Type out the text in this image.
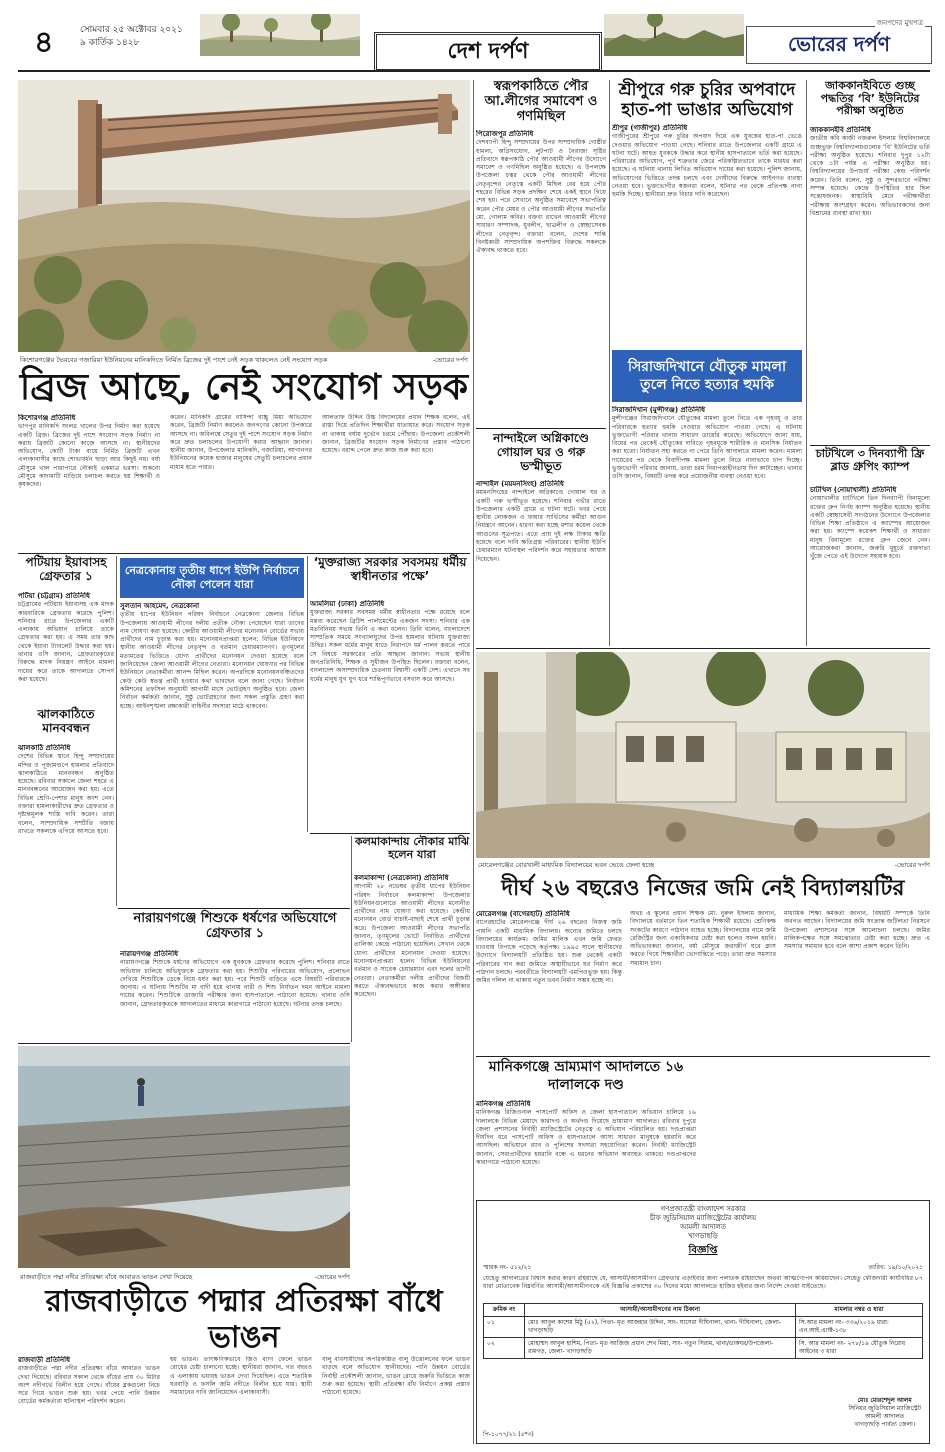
৪	সোমবার ২৫ অক্টোবর ২০২১
৯ কার্তিক ১৪২৮	দেশ দর্পণ
জনপদের মুখপত্র
ভোরের দর্পণ
কিশোরগঞ্জের ভৈরবের গজারিয়া ইউনিয়নের মানিকদিতে নির্মিত ব্রিজের দুই পাশে নেই সড়ক থাকলেও নেই সংযোগ সড়ক	-ভোরের দর্পণ
ব্রিজ আছে, নেই সংযোগ সড়ক
কিশোরগঞ্জ প্রতিনিধি
ভাগপুর মানিকদি সংলগ্ন খালের উপর নির্মাণ করা হয়েছে একটি ব্রিজ। ব্রিজের দুই পাশে সংযোগ সড়ক নির্মাণ না করায় ব্রিজটি কোনো কাজে আসছে না। স্থানীয়দের অভিযোগ, কোটি টাকা ব্যয়ে নির্মিত ব্রিজটি এখন এলাকাবাসীর কাছে শোভাবর্ধন ছাড়া আর কিছুই নয়। বর্ষা মৌসুমে খাল পারাপারে নৌকাই একমাত্র ভরসা। শুকনো মৌসুমে কাদামাটি মাড়িয়ে চলাচল করতে হয় শিক্ষার্থী ও কৃষকদের।
করেন। মানিকদি গ্রামের বাসিন্দা বাচ্চু মিয়া অভিযোগ করেন, ব্রিজটি নির্মাণ করলেও জনগণের কোনো উপকারে আসছে না। অবিলম্বে সেতুর দুই পাশে সংযোগ সড়ক নির্মাণ করে দ্রুত চলাচলের উপযোগী করার আহ্বান জানান। স্থানীয় জানান, উপজেলার মানিকদি, গজারিয়া, আগানগর ইউনিয়নের কয়েক হাজার মানুষের সেতুটি চলাচলের প্রধান মাধ্যম হতে পারত।
আলতাফ উদ্দিন উচ্চ বিদ্যালয়ের প্রধান শিক্ষক বলেন, এই রাস্তা দিয়ে প্রতিদিন শিক্ষার্থীরা যাতায়াত করে। সংযোগ সড়ক না থাকায় বর্ষায় দুর্ভোগ চরমে পৌঁছায়। উপজেলা প্রকৌশলী জানান, ব্রিজটির সংযোগ সড়ক নির্মাণের প্রস্তাব পাঠানো হয়েছে। বরাদ্দ পেলে দ্রুত কাজ শুরু করা হবে।
স্বরূপকাঠিতে পৌর আ.লীগের সমাবেশ ও গণমিছিল
পিরোজপুর প্রতিনিধি
দেশব্যাপী হিন্দু সম্প্রদায়ের উপর সাম্প্রদায়িক গোষ্ঠীর হামলা, অগ্নিসংযোগ, লুটপাট ও নৈরাজ্য সৃষ্টির প্রতিবাদে স্বরূপকাঠি পৌর আওয়ামী লীগের উদ্যোগে সমাবেশ ও গণমিছিল অনুষ্ঠিত হয়েছে। এ উপলক্ষে উপজেলা চত্বর থেকে পৌর আওয়ামী লীগের নেতৃবৃন্দের নেতৃত্বে একটি মিছিল বের হয়ে পৌর শহরের বিভিন্ন সড়ক প্রদক্ষিণ শেষে একই স্থানে গিয়ে শেষ হয়। পরে সেখানে অনুষ্ঠিত সমাবেশে সভাপতিত্ব করেন পৌর মেয়র ও পৌর আওয়ামী লীগের সভাপতি মো. গোলাম কবির। বক্তব্য রাখেন আওয়ামী লীগের সাধারণ সম্পাদক, যুবলীগ, ছাত্রলীগ ও স্বেচ্ছাসেবক লীগের নেতৃবৃন্দ। বক্তারা বলেন, দেশের শান্তি বিনষ্টকারী সাম্প্রদায়িক অপশক্তির বিরুদ্ধে সকলকে ঐক্যবদ্ধ থাকতে হবে।
নান্দাইলে অগ্নিকাণ্ডে গোয়াল ঘর ও গরু ভস্মীভূত
নান্দাইল (ময়মনসিংহ) প্রতিনিধি
ময়মনসিংহের নান্দাইলে অগ্নিকাণ্ডে গোয়াল ঘর ও একটি গরু ভস্মীভূত হয়েছে। শনিবার গভীর রাতে উপজেলার একটি গ্রামে এ ঘটনা ঘটে। খবর পেয়ে স্থানীয় লোকজন ও ফায়ার সার্ভিসের কর্মীরা আগুন নিয়ন্ত্রণে আনেন। ধারণা করা হচ্ছে মশার কয়েল থেকে আগুনের সূত্রপাত। এতে প্রায় দুই লক্ষ টাকার ক্ষতি হয়েছে বলে দাবি ক্ষতিগ্রস্ত পরিবারের। স্থানীয় ইউপি চেয়ারম্যান ঘটনাস্থল পরিদর্শন করে সহায়তার আশ্বাস দিয়েছেন।
শ্রীপুরে গরু চুরির অপবাদে হাত-পা ভাঙার অভিযোগ
শ্রীপুর (গাজীপুর) প্রতিনিধি
গাজীপুরের শ্রীপুরে গরু চুরির অপবাদ দিয়ে এক যুবকের হাত-পা ভেঙে দেওয়ার অভিযোগ পাওয়া গেছে। শনিবার রাতে উপজেলার একটি গ্রামে এ ঘটনা ঘটে। আহত যুবককে উদ্ধার করে স্থানীয় হাসপাতালে ভর্তি করা হয়েছে। পরিবারের অভিযোগ, পূর্ব শত্রুতার জেরে পরিকল্পিতভাবে তাকে মারধর করা হয়েছে। এ ঘটনায় থানায় লিখিত অভিযোগ দায়ের করা হয়েছে। পুলিশ জানায়, অভিযোগের ভিত্তিতে তদন্ত চলছে এবং দোষীদের বিরুদ্ধে আইনগত ব্যবস্থা নেওয়া হবে। ভুক্তভোগীর স্বজনরা বলেন, ঘটনার পর থেকে প্রতিপক্ষ নানা হুমকি দিচ্ছে। স্থানীয়রা দ্রুত বিচার দাবি করেছেন।
জাককানইবিতে গুচ্ছ পদ্ধতির ‘বি’ ইউনিটের পরীক্ষা অনুষ্ঠিত
জাককানইবি প্রতিনিধি
জাতীয় কবি কাজী নজরুল ইসলাম বিশ্ববিদ্যালয়ে গুচ্ছভুক্ত বিশ্ববিদ্যালয়গুলোর ‘বি’ ইউনিটের ভর্তি পরীক্ষা অনুষ্ঠিত হয়েছে। শনিবার দুপুর ১২টা থেকে ১টা পর্যন্ত এ পরীক্ষা অনুষ্ঠিত হয়। বিশ্ববিদ্যালয়ের উপাচার্য পরীক্ষা কেন্দ্র পরিদর্শন করেন। তিনি বলেন, সুষ্ঠু ও সুন্দরভাবে পরীক্ষা সম্পন্ন হয়েছে। কেন্দ্রে উপস্থিতির হার ছিল সন্তোষজনক। স্বাস্থ্যবিধি মেনে পরীক্ষার্থীরা পরীক্ষায় অংশগ্রহণ করেন। অভিভাবকদের জন্য বিশ্রামের ব্যবস্থা রাখা হয়।
চাটখিলে ৩ দিনব্যাপী ফ্রি ব্লাড গ্রুপিং ক্যাম্প
চাটখিল (নোয়াখালী) প্রতিনিধি
নোয়াখালীর চাটখিলে তিন দিনব্যাপী বিনামূল্যে রক্তের গ্রুপ নির্ণয় ক্যাম্প অনুষ্ঠিত হয়েছে। স্থানীয় একটি স্বেচ্ছাসেবী সংগঠনের উদ্যোগে উপজেলার বিভিন্ন শিক্ষা প্রতিষ্ঠানে এ ক্যাম্পের আয়োজন করা হয়। ক্যাম্পে কয়েকশ শিক্ষার্থী ও সাধারণ মানুষ বিনামূল্যে রক্তের গ্রুপ জেনে নেন। আয়োজকরা জানান, জরুরি মুহূর্তে রক্তদাতা খুঁজে পেতে এই উদ্যোগ সহায়ক হবে।
সিরাজদিখানে যৌতুক মামলা তুলে নিতে হত্যার হুমকি
সিরাজদিখান (মুন্সীগঞ্জ) প্রতিনিধি
মুন্সীগঞ্জের সিরাজদিখানে যৌতুকের মামলা তুলে নিতে এক গৃহবধূ ও তার পরিবারকে হত্যার হুমকি দেওয়ার অভিযোগ পাওয়া গেছে। এ ঘটনায় ভুক্তভোগী পরিবার থানায় সাধারণ ডায়েরি করেছে। অভিযোগে জানা যায়, বিয়ের পর থেকেই যৌতুকের দাবিতে গৃহবধূকে শারীরিক ও মানসিক নির্যাতন করা হতো। নির্যাতন সহ্য করতে না পেরে তিনি আদালতে মামলা করেন। মামলা দায়েরের পর থেকে বিবাদীপক্ষ মামলা তুলে নিতে নানাভাবে চাপ দিচ্ছে। ভুক্তভোগী পরিবার জানায়, তারা চরম নিরাপত্তাহীনতায় দিন কাটাচ্ছেন। থানার ওসি জানান, বিষয়টি তদন্ত করে প্রয়োজনীয় ব্যবস্থা নেওয়া হবে।
পটিয়ায় ইয়াবাসহ গ্রেফতার ১
পটিয়া (চট্টগ্রাম) প্রতিনিধি
চট্টগ্রামের পটিয়ায় ইয়াবাসহ এক মাদক কারবারিকে গ্রেফতার করেছে পুলিশ। শনিবার রাতে উপজেলার একটি এলাকায় অভিযান চালিয়ে তাকে গ্রেফতার করা হয়। এ সময় তার কাছ থেকে ইয়াবা ট্যাবলেট উদ্ধার করা হয়। থানার ওসি জানান, গ্রেফতারকৃতের বিরুদ্ধে মাদক নিয়ন্ত্রণ আইনে মামলা দায়ের করে তাকে আদালতে সোপর্দ করা হয়েছে।
ঝালকাঠিতে মানববন্ধন
ঝালকাঠি প্রতিনিধি
দেশের বিভিন্ন স্থানে হিন্দু সম্প্রদায়ের মন্দির ও পূজামণ্ডপে হামলার প্রতিবাদে ঝালকাঠিতে মানববন্ধন অনুষ্ঠিত হয়েছে। রবিবার সকালে জেলা শহরে এ মানববন্ধনের আয়োজন করা হয়। এতে বিভিন্ন শ্রেণি-পেশার মানুষ অংশ নেন। বক্তারা হামলাকারীদের দ্রুত গ্রেফতার ও দৃষ্টান্তমূলক শাস্তি দাবি করেন। তারা বলেন, সাম্প্রদায়িক সম্প্রীতি বজায় রাখতে সকলকে এগিয়ে আসতে হবে।
নেত্রকোনায় তৃতীয় ধাপে ইউপি নির্বাচনে নৌকা পেলেন যারা
সুলতান আহমেদ, নেত্রকোনা
তৃতীয় ধাপের ইউনিয়ন পরিষদ নির্বাচনে নেত্রকোনা জেলার বিভিন্ন উপজেলায় আওয়ামী লীগের দলীয় প্রতীক নৌকা পেয়েছেন যারা তাদের নাম ঘোষণা করা হয়েছে। কেন্দ্রীয় আওয়ামী লীগের মনোনয়ন বোর্ডের সভায় প্রার্থীদের নাম চূড়ান্ত করা হয়। মনোনয়নপ্রাপ্তরা হলেন: বিভিন্ন ইউনিয়নে স্থানীয় আওয়ামী লীগের নেতৃবৃন্দ ও বর্তমান চেয়ারম্যানগণ। তৃণমূলের মতামতের ভিত্তিতে যোগ্য প্রার্থীদের মনোনয়ন দেওয়া হয়েছে বলে জানিয়েছেন জেলা আওয়ামী লীগের নেতারা। মনোনয়ন ঘোষণার পর বিভিন্ন ইউনিয়নে নেতাকর্মীরা আনন্দ মিছিল করেন। অপরদিকে মনোনয়নবঞ্চিতদের কেউ কেউ স্বতন্ত্র প্রার্থী হওয়ার কথা ভাবছেন বলে জানা গেছে। নির্বাচন কমিশনের তফসিল অনুযায়ী আগামী মাসে ভোটগ্রহণ অনুষ্ঠিত হবে। জেলা নির্বাচন কর্মকর্তা জানান, সুষ্ঠু ভোটগ্রহণের জন্য সকল প্রস্তুতি গ্রহণ করা হচ্ছে। আইনশৃঙ্খলা রক্ষাকারী বাহিনীর সদস্যরা মাঠে থাকবেন।
‘মুক্তরাজ্য সরকার সবসময় ধর্মীয় স্বাধীনতার পক্ষে’
আমলিয়া (ঢাকা) প্রতিনিধি
যুক্তরাজ্য সরকার সবসময় ধর্মীয় স্বাধীনতার পক্ষে রয়েছে বলে মন্তব্য করেছেন ব্রিটিশ পার্লামেন্টের একজন সদস্য। শনিবার এক মতবিনিময় সভায় তিনি এ কথা বলেন। তিনি বলেন, বাংলাদেশে সাম্প্রতিক সময়ে সংখ্যালঘুদের উপর হামলার ঘটনায় যুক্তরাজ্য উদ্বিগ্ন। সকল ধর্মের মানুষ যাতে নিরাপদে ধর্ম পালন করতে পারে সে বিষয়ে সরকারের প্রতি আহ্বান জানান। সভায় স্থানীয় জনপ্রতিনিধি, শিক্ষক ও সুধীজন উপস্থিত ছিলেন। বক্তারা বলেন, বাংলাদেশ অসাম্প্রদায়িক চেতনায় বিশ্বাসী একটি দেশ। এখানে সব ধর্মের মানুষ যুগ যুগ ধরে শান্তিপূর্ণভাবে বসবাস করে আসছে।
নারায়ণগঞ্জে শিশুকে ধর্ষণের অভিযোগে গ্রেফতার ১
নারায়ণগঞ্জ প্রতিনিধি
নারায়ণগঞ্জে শিশুকে ধর্ষণের অভিযোগে এক যুবককে গ্রেফতার করেছে পুলিশ। শনিবার রাতে অভিযান চালিয়ে অভিযুক্তকে গ্রেফতার করা হয়। শিশুটির পরিবারের অভিযোগ, প্রলোভন দেখিয়ে শিশুটিকে ডেকে নিয়ে ধর্ষণ করা হয়। পরে শিশুটি বাড়িতে এসে বিষয়টি পরিবারকে জানায়। এ ঘটনায় শিশুটির মা বাদী হয়ে থানায় নারী ও শিশু নির্যাতন দমন আইনে মামলা দায়ের করেন। শিশুটিকে ডাক্তারি পরীক্ষার জন্য হাসপাতালে পাঠানো হয়েছে। থানার ওসি জানান, গ্রেফতারকৃতকে আদালতের মাধ্যমে কারাগারে পাঠানো হয়েছে। ঘটনার তদন্ত চলছে।
কলমাকান্দায় নৌকার মাঝি হলেন যারা
কলমাকান্দা (নেত্রকোনা) প্রতিনিধি
আগামী ২৮ নভেম্বর তৃতীয় ধাপের ইউনিয়ন পরিষদ নির্বাচনে কলমাকান্দা উপজেলার ইউনিয়নগুলোতে আওয়ামী লীগের মনোনীত প্রার্থীদের নাম ঘোষণা করা হয়েছে। কেন্দ্রীয় মনোনয়ন বোর্ড যাচাই-বাছাই শেষে প্রার্থী চূড়ান্ত করে। উপজেলা আওয়ামী লীগের সভাপতি জানান, তৃণমূলের ভোটে নির্বাচিত প্রার্থীদের তালিকা কেন্দ্রে পাঠানো হয়েছিল। সেখান থেকে যোগ্য প্রার্থীদের মনোনয়ন দেওয়া হয়েছে। মনোনয়নপ্রাপ্তরা হলেন বিভিন্ন ইউনিয়নের বর্তমান ও সাবেক চেয়ারম্যান এবং দলের ত্যাগী নেতারা। নেতাকর্মীরা দলীয় প্রার্থীদের বিজয়ী করতে ঐক্যবদ্ধভাবে কাজ করার অঙ্গীকার করেছেন।
রাজবাড়ীতে পদ্মা নদীর প্রতিরক্ষা বাঁধে আবারও ভাঙন দেখা দিয়েছে	-ভোরের দর্পণ
রাজবাড়ীতে পদ্মার প্রতিরক্ষা বাঁধে ভাঙন
রাজবাড়ী প্রতিনিধি
রাজবাড়ীতে পদ্মা নদীর প্রতিরক্ষা বাঁধে আবারও ভাঙন দেখা দিয়েছে। রবিবার সকাল থেকে বাঁধের প্রায় ৩০ মিটার অংশ নদীগর্ভে বিলীন হয়ে গেছে। বাঁধের ব্লকগুলো নিচে সরে গিয়ে ভাঙন শুরু হয়। খবর পেয়ে পানি উন্নয়ন বোর্ডের কর্মকর্তারা ঘটনাস্থল পরিদর্শন করেন।
হয় ভাঙন। তাৎক্ষণিকভাবে জিও ব্যাগ ফেলে ভাঙন রোধের চেষ্টা চালানো হচ্ছে। স্থানীয়রা জানান, গত বছরও এ এলাকায় ভয়াবহ ভাঙন দেখা দিয়েছিল। এতে শতাধিক ঘরবাড়ি ও ফসলি জমি নদীতে বিলীন হয়ে যায়। স্থায়ী সমাধানের দাবি জানিয়েছেন এলাকাবাসী।
বালু ব্যবসায়ীদের অপরিকল্পিত বালু উত্তোলনের ফলে ভাঙন বাড়ছে বলে অভিযোগ স্থানীয়দের। পানি উন্নয়ন বোর্ডের নির্বাহী প্রকৌশলী জানান, ভাঙন রোধে জরুরি ভিত্তিতে কাজ শুরু করা হয়েছে। স্থায়ী প্রতিরক্ষা বাঁধ নির্মাণে প্রকল্প প্রস্তাব পাঠানো হয়েছে।
মোরেলগঞ্জের বোরখালী মাধ্যমিক বিদ্যালয়ের ভবন ভেঙে ফেলা হচ্ছে	-ভোরের দর্পণ
দীর্ঘ ২৬ বছরেও নিজের জমি নেই বিদ্যালয়টির
মোরেলগঞ্জ (বাগেরহাট) প্রতিনিধি
বাগেরহাটের মোরেলগঞ্জে দীর্ঘ ২৬ বছরেও নিজস্ব জমি পায়নি একটি মাধ্যমিক বিদ্যালয়। অন্যের জমিতে চলছে বিদ্যালয়ের কার্যক্রম। জমির মালিক এখন জমি ফেরত চাওয়ায় বিপাকে পড়েছে কর্তৃপক্ষ। ১৯৯৫ সালে স্থানীয়দের উদ্যোগে বিদ্যালয়টি প্রতিষ্ঠিত হয়। শুরু থেকেই একটি পরিবারের দান করা জমিতে অস্থায়ীভাবে ঘর নির্মাণ করে পাঠদান চলছে। পরবর্তীতে বিদ্যালয়টি এমপিওভুক্ত হয়। কিন্তু জমির দলিল না থাকায় নতুন ভবন নির্মাণ সম্ভব হচ্ছে না।
অথচ এ স্কুলের প্রধান শিক্ষক মো. নুরুল ইসলাম জানান, বিদ্যালয়ে বর্তমানে তিন শতাধিক শিক্ষার্থী রয়েছে। শ্রেণিকক্ষ সংকটের কারণে পাঠদান ব্যাহত হচ্ছে। বিদ্যালয়ের নামে জমি রেজিস্ট্রির জন্য একাধিকবার চেষ্টা করা হলেও সফল হয়নি। অভিভাবকরা জানান, বর্ষা মৌসুমে জরাজীর্ণ ঘরে ক্লাস করতে গিয়ে শিক্ষার্থীরা ভোগান্তিতে পড়ে। তারা দ্রুত সমস্যার সমাধান চান।
মাধ্যমিক শিক্ষা কর্মকর্তা জানান, বিষয়টি সম্পর্কে তিনি অবগত আছেন। বিদ্যালয়ের জমি সংক্রান্ত জটিলতা নিরসনে উপজেলা প্রশাসনের সঙ্গে আলোচনা চলছে। জমির মালিকপক্ষের সঙ্গে সমঝোতার চেষ্টা করা হচ্ছে। দ্রুত এ সমস্যার সমাধান হবে বলে আশা প্রকাশ করেন তিনি।
মানিকগঞ্জে ভ্রাম্যমাণ আদালতে ১৬ দালালকে দণ্ড
মানিকগঞ্জ প্রতিনিধি
মানিকগঞ্জ রিজিওনাল পাসপোর্ট অফিস ও জেলা হাসপাতালে অভিযান চালিয়ে ১৬ দালালকে বিভিন্ন মেয়াদে কারাদণ্ড ও অর্থদণ্ড দিয়েছে ভ্রাম্যমাণ আদালত। রবিবার দুপুরে জেলা প্রশাসনের নির্বাহী ম্যাজিস্ট্রেটের নেতৃত্বে এ অভিযান পরিচালিত হয়। দণ্ডপ্রাপ্তরা দীর্ঘদিন ধরে পাসপোর্ট অফিস ও হাসপাতালে আসা সাধারণ মানুষকে হয়রানি করে আসছিল। অভিযানে র‍্যাব ও পুলিশের সদস্যরা সহযোগিতা করেন। নির্বাহী ম্যাজিস্ট্রেট জানান, সেবাপ্রার্থীদের হয়রানি বন্ধে এ ধরনের অভিযান অব্যাহত থাকবে। দণ্ডপ্রাপ্তদের কারাগারে পাঠানো হয়েছে।
গণপ্রজাতন্ত্রী বাংলাদেশ সরকার
চীফ জুডিসিয়াল ম্যাজিস্ট্রেটের কার্যালয়
আমলী আদালত
খাগড়াছড়ি
বিজ্ঞপ্তি
স্মারক নং- ৫১২/২১	তারিখ: ১৯/১০/২০২১
যেহেতু আদালতের বিশ্বাস করার কারণ রহিয়াছে যে, আসামী/আসামীগণ গ্রেফতার এড়াইবার জন্য পলাতক রহিয়াছেন অথবা আত্মগোপন করিয়াছেন। সেহেতু ফৌজদারী কার্যবিধির ৮৭ ধারা মোতাবেক নিম্নবর্ণিত আসামী/আসামীগণকে এই বিজ্ঞপ্তি প্রকাশের ৩০ দিনের মধ্যে আদালতে হাজির হইবার জন্য নির্দেশ দেওয়া যাইতেছে।
ক্রমিক নং	আসামী/আসামীগণের নাম ঠিকানা	মামলার নম্বর ও ধারা
০১	মোঃ আবুল কাশেম মিঠু (৫২), পিতা- মৃত আজহার উদ্দিন, সাং- ঘাসেরা দীঘিনালা, থানা- দীঘিনালা, জেলা- খাগড়াছড়ি	সি.আর মামলা নং- ৩৩৬/২০১৯ ধারা: এন.আই.এ্যাক্ট-১৩৮
০২	মোহাম্মদ আবুল হাশিম, পিতা- মৃত আজিজ প্রধান শেখ মিয়া, সাং- নতুন সিরাম, থানা/ডাকঘর/উপজেলা- রামগড়, জেলা- খাগড়াছড়ি	সি. আর মামলা নং- ২৭৮/১৯ যৌতুক নিরোধ আইনের ৩ ধারা
মোঃ মোরশেদুল আলম
সিনিয়র জুডিসিয়াল ম্যাজিস্ট্রেট
আমলী আদালত
খাগড়াছড়ি পার্বত্য জেলা।
পি-১০৭৭/২১ (৫*৩)
